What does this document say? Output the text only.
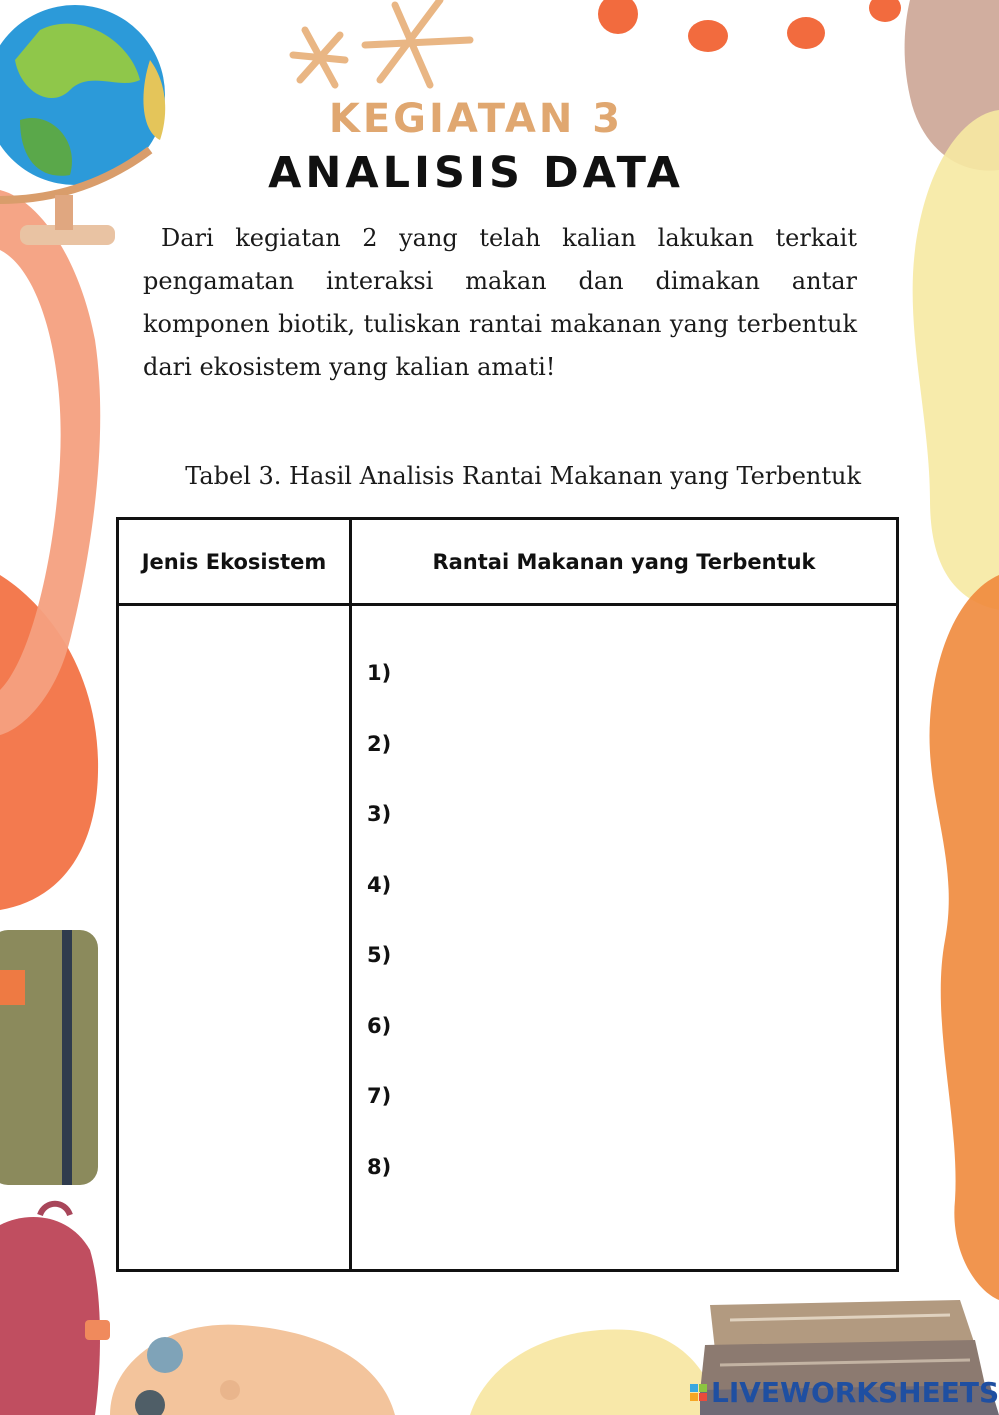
KEGIATAN 3
ANALISIS DATA

Dari kegiatan 2 yang telah kalian lakukan terkait pengamatan interaksi makan dan dimakan antar komponen biotik, tuliskan rantai makanan yang terbentuk dari ekosistem yang kalian amati!

Tabel 3. Hasil Analisis Rantai Makanan yang Terbentuk
Jenis Ekosistem	Rantai Makanan yang Terbentuk
1)
2)
3)
4)
5)
6)
7)
8)
LIVEWORKSHEETS
